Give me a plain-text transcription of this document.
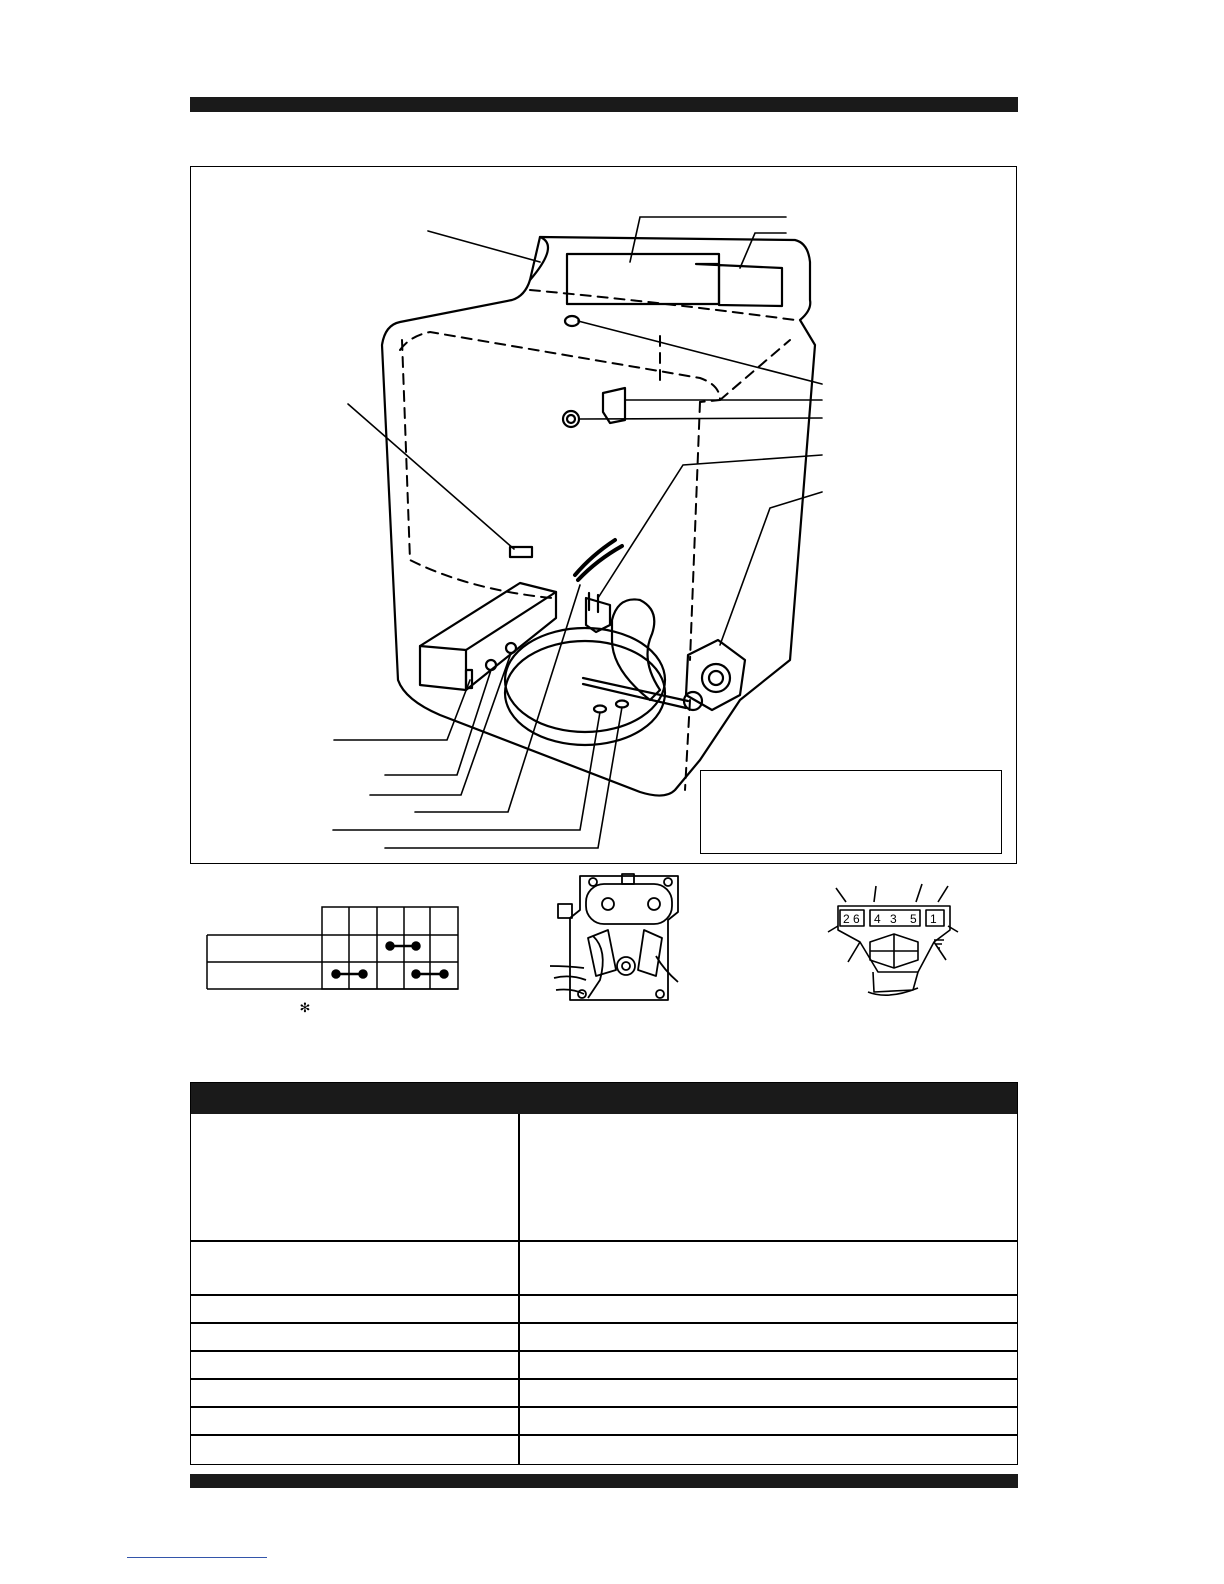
✻
2 6 4 3 5 1
